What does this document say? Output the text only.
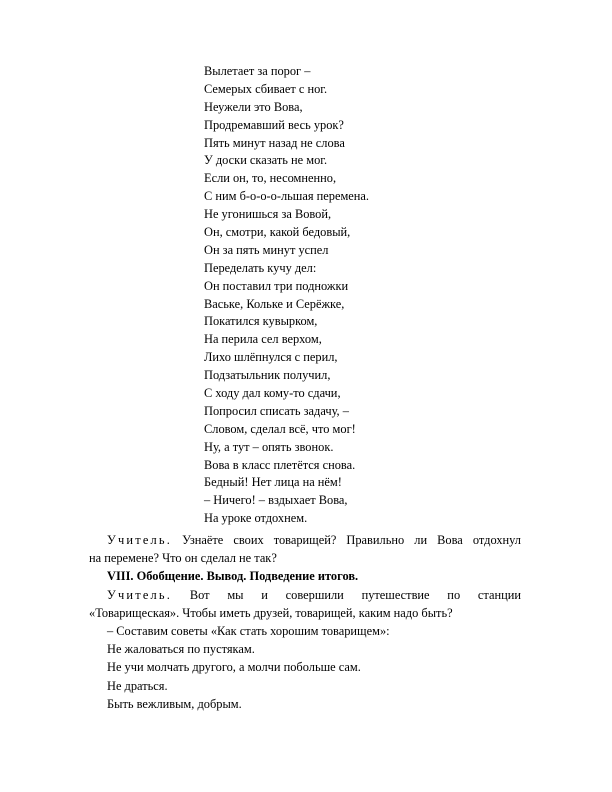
Вылетает за порог –
Семерых сбивает с ног.
Неужели это Вова,
Продремавший весь урок?
Пять минут назад не слова
У доски сказать не мог.
Если он, то, несомненно,
С ним б-о-о-о-льшая перемена.
Не угонишься за Вовой,
Он, смотри, какой бедовый,
Он за пять минут успел
Переделать кучу дел:
Он поставил три подножки
Ваське, Кольке и Серёжке,
Покатился кувырком,
На перила сел верхом,
Лихо шлёпнулся с перил,
Подзатыльник получил,
С ходу дал кому-то сдачи,
Попросил списать задачу, –
Словом, сделал всё, что мог!
Ну, а тут – опять звонок.
Вова в класс плетётся снова.
Бедный! Нет лица на нём!
– Ничего! – вздыхает Вова,
На уроке отдохнем.
Учитель. Узнаёте своих товарищей? Правильно ли Вова отдохнул
на перемене? Что он сделал не так?
VIII. Обобщение. Вывод. Подведение итогов.
Учитель. Вот мы и совершили путешествие по станции
«Товарищеская». Чтобы иметь друзей, товарищей, каким надо быть?
– Составим советы «Как стать хорошим товарищем»:
Не жаловаться по пустякам.
Не учи молчать другого, а молчи побольше сам.
Не драться.
Быть вежливым, добрым.
